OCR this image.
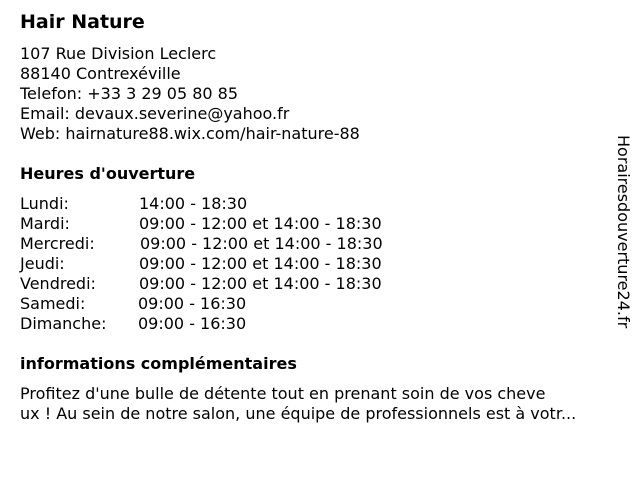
Hair Nature
107 Rue Division Leclerc
88140 Contrexéville
Telefon: +33 3 29 05 80 85
Email: devaux.severine@yahoo.fr
Web: hairnature88.wix.com/hair-nature-88
Heures d'ouverture
Lundi:	14:00 - 18:30
Mardi:	09:00 - 12:00 et 14:00 - 18:30
Mercredi:	09:00 - 12:00 et 14:00 - 18:30
Jeudi:	09:00 - 12:00 et 14:00 - 18:30
Vendredi:	09:00 - 12:00 et 14:00 - 18:30
Samedi:	09:00 - 16:30
Dimanche: 09:00 - 16:30
informations complémentaires
Profitez d'une bulle de détente tout en prenant soin de vos cheve
ux ! Au sein de notre salon, une équipe de professionnels est à votr...
Horairesdouverture24.fr
